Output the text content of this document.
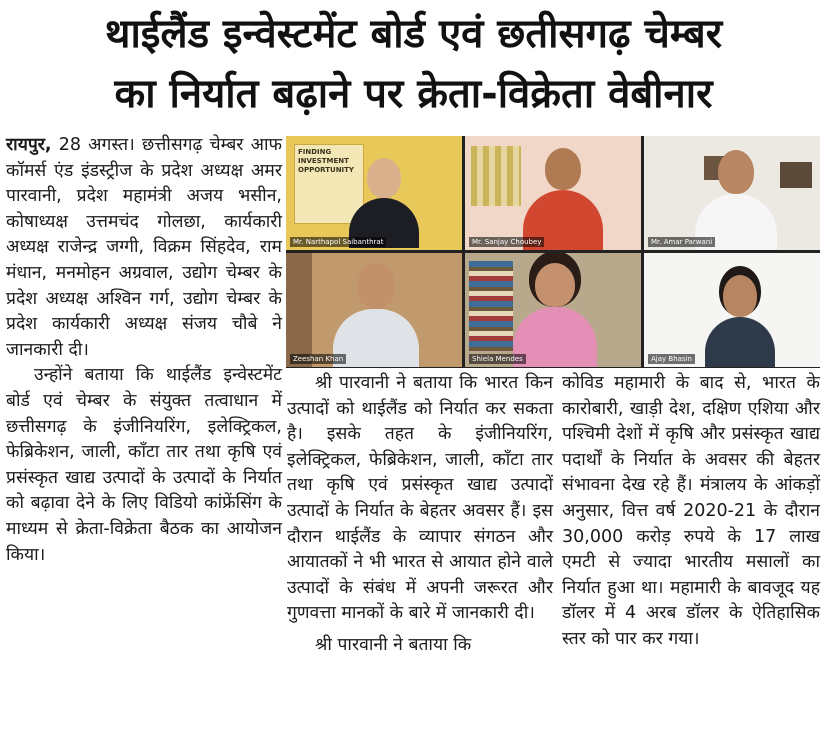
थाईलैंड इन्वेस्टमेंट बोर्ड एवं छतीसगढ़ चेम्बर
का निर्यात बढ़ाने पर क्रेता-विक्रेता वेबीनार

रायपुर, 28 अगस्त। छत्तीसगढ़ चेम्बर आफ कॉमर्स एंड इंडस्ट्रीज के प्रदेश अध्यक्ष अमर पारवानी, प्रदेश महामंत्री अजय भसीन, कोषाध्यक्ष उत्तमचंद गोलछा, कार्यकारी अध्यक्ष राजेन्द्र जग्गी, विक्रम सिंहदेव, राम मंधान, मनमोहन अग्रवाल, उद्योग चेम्बर के प्रदेश अध्यक्ष अश्विन गर्ग, उद्योग चेम्बर के प्रदेश कार्यकारी अध्यक्ष संजय चौबे ने जानकारी दी।

उन्होंने बताया कि थाईलैंड इन्वेस्टमेंट बोर्ड एवं चेम्बर के संयुक्त तत्वाधान में छत्तीसगढ़ के इंजीनियरिंग, इलेक्ट्रिकल, फेब्रिकेशन, जाली, काँटा तार तथा कृषि एवं प्रसंस्कृत खाद्य उत्पादों के उत्पादों के निर्यात को बढ़ावा देने के लिए विडियो कांफ्रेंसिंग के माध्यम से क्रेता-विक्रेता बैठक का आयोजन किया।

FINDING INVESTMENT OPPORTUNITY
Mr. Narthapol Saibanthrat	Mr. Sanjay Choubey	Mr. Amar Parwani
Zeeshan Khan	Shiela Mendes	Ajay Bhasin

श्री पारवानी ने बताया कि भारत किन उत्पादों को थाईलैंड को निर्यात कर सकता है। इसके तहत के इंजीनियरिंग, इलेक्ट्रिकल, फेब्रिकेशन, जाली, काँटा तार तथा कृषि एवं प्रसंस्कृत खाद्य उत्पादों उत्पादों के निर्यात के बेहतर अवसर हैं। इस दौरान थाईलैंड के व्यापार संगठन और आयातकों ने भी भारत से आयात होने वाले उत्पादों के संबंध में अपनी जरूरत और गुणवत्ता मानकों के बारे में जानकारी दी।

श्री पारवानी ने बताया कि

कोविड महामारी के बाद से, भारत के कारोबारी, खाड़ी देश, दक्षिण एशिया और पश्चिमी देशों में कृषि और प्रसंस्कृत खाद्य पदार्थों के निर्यात के अवसर की बेहतर संभावना देख रहे हैं। मंत्रालय के आंकड़ों अनुसार, वित्त वर्ष 2020-21 के दौरान 30,000 करोड़ रुपये के 17 लाख एमटी से ज्यादा भारतीय मसालों का निर्यात हुआ था। महामारी के बावजूद यह डॉलर में 4 अरब डॉलर के ऐतिहासिक स्तर को पार कर गया।
